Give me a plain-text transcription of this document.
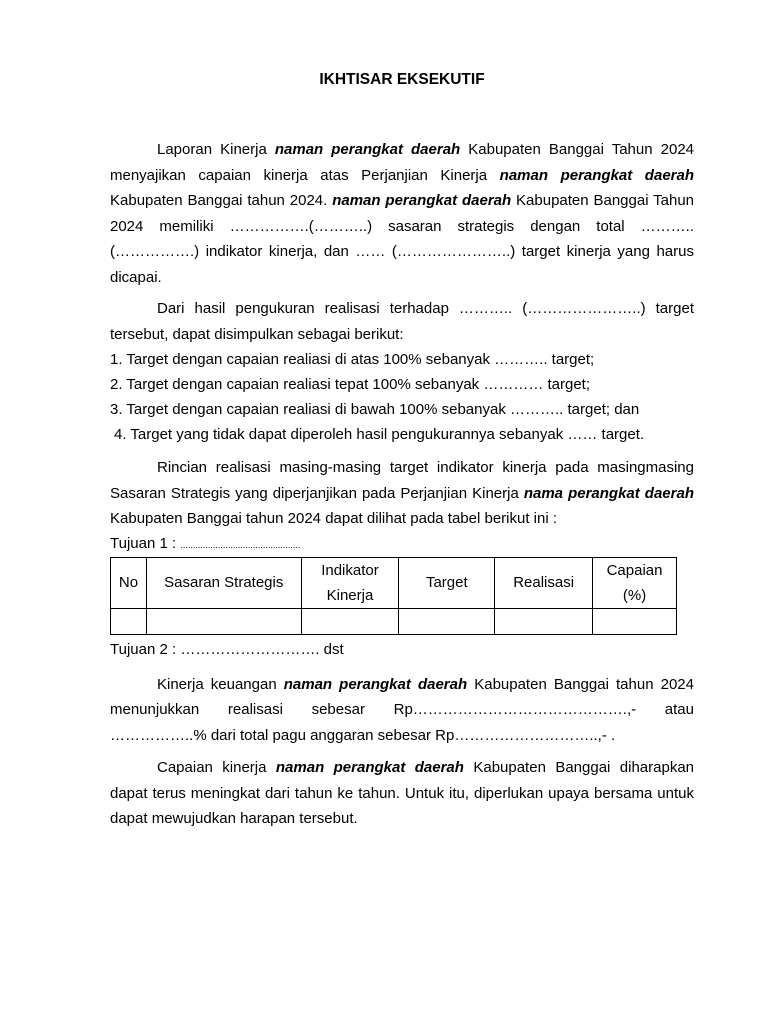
IKHTISAR EKSEKUTIF

Laporan Kinerja naman perangkat daerah Kabupaten Banggai Tahun 2024 menyajikan capaian kinerja atas Perjanjian Kinerja naman perangkat daerah Kabupaten Banggai tahun 2024. naman perangkat daerah Kabupaten Banggai Tahun 2024 memiliki …………….(………..) sasaran strategis dengan total ……….. (…………….) indikator kinerja, dan …… (…………………..) target kinerja yang harus dicapai.

Dari hasil pengukuran realisasi terhadap ……….. (…………………..) target tersebut, dapat disimpulkan sebagai berikut:

1. Target dengan capaian realiasi di atas 100% sebanyak ……….. target;

2. Target dengan capaian realiasi tepat 100% sebanyak ………… target;

3. Target dengan capaian realiasi di bawah 100% sebanyak ……….. target; dan

4. Target yang tidak dapat diperoleh hasil pengukurannya sebanyak …… target.

Rincian realisasi masing-masing target indikator kinerja pada masingmasing Sasaran Strategis yang diperjanjikan pada Perjanjian Kinerja nama perangkat daerah Kabupaten Banggai tahun 2024 dapat dilihat pada tabel berikut ini :

Tujuan 1 : ................................................

No	Sasaran Strategis	Indikator Kinerja	Target	Realisasi	Capaian (%)

Tujuan 2 : ………………………. dst

Kinerja keuangan naman perangkat daerah Kabupaten Banggai tahun 2024 menunjukkan realisasi sebesar Rp…………………………………….,- atau ……………..% dari total pagu anggaran sebesar Rp………………………..,- .

Capaian kinerja naman perangkat daerah Kabupaten Banggai diharapkan dapat terus meningkat dari tahun ke tahun. Untuk itu, diperlukan upaya bersama untuk dapat mewujudkan harapan tersebut.
